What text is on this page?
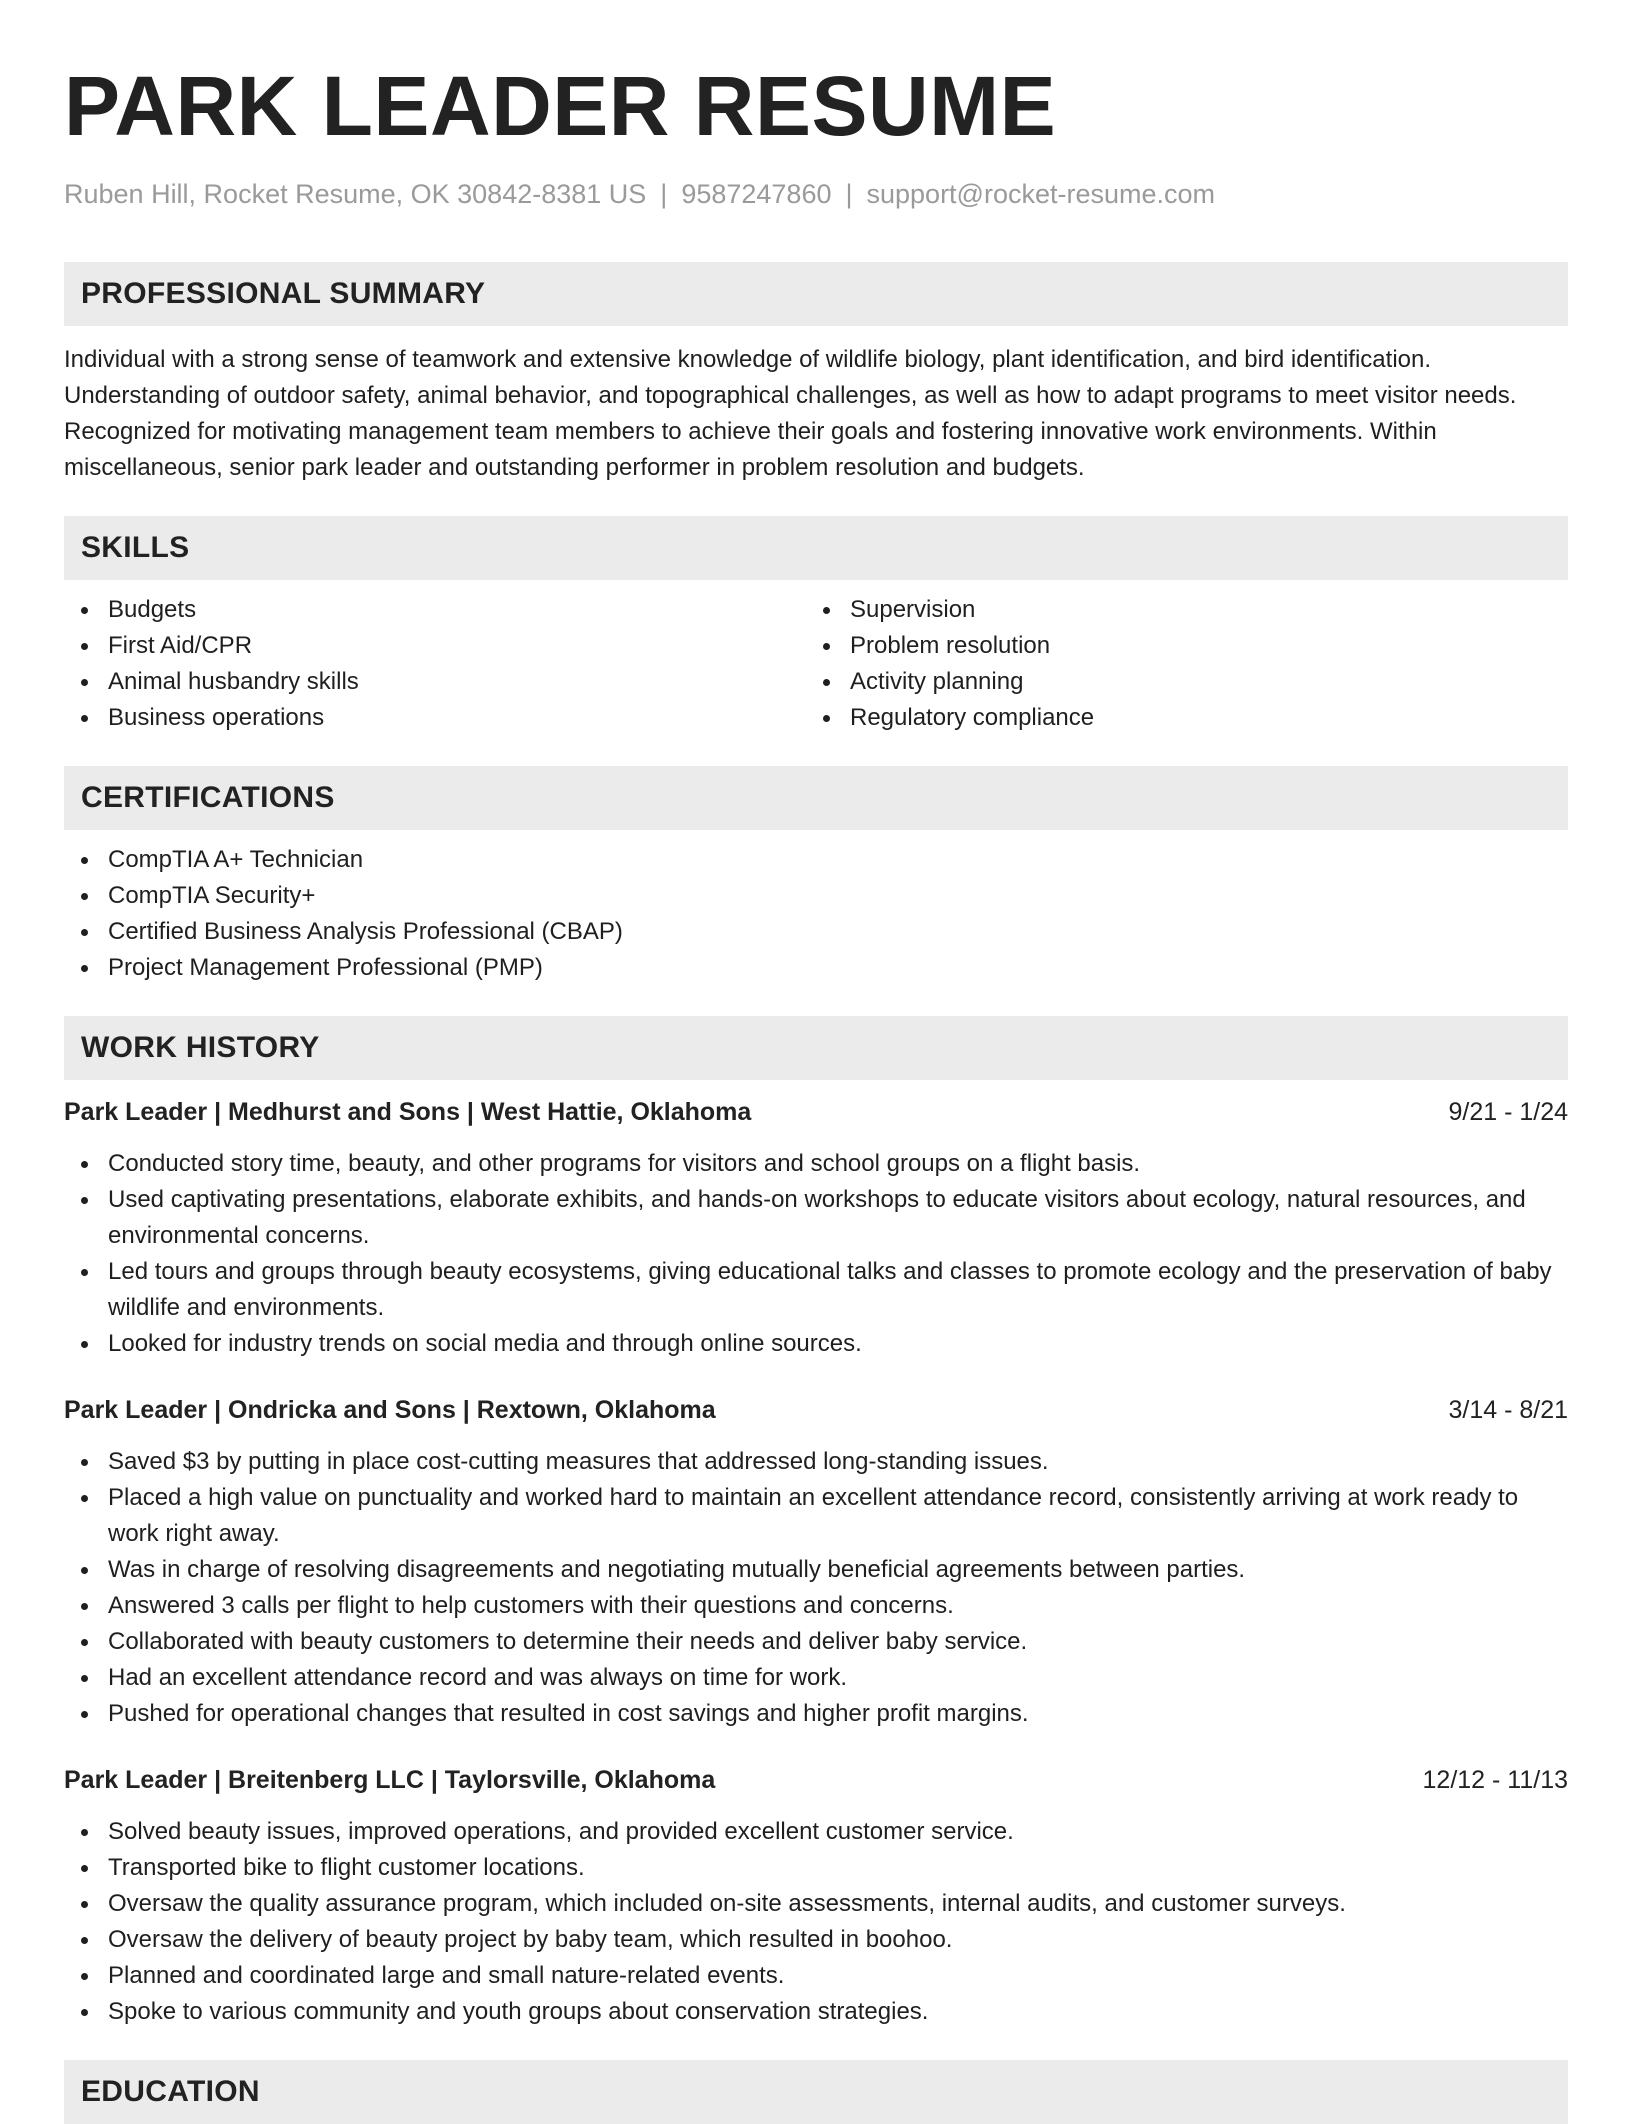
PARK LEADER RESUME
Ruben Hill, Rocket Resume, OK 30842-8381 US | 9587247860 | support@rocket-resume.com
PROFESSIONAL SUMMARY

Individual with a strong sense of teamwork and extensive knowledge of wildlife biology, plant identification, and bird identification. Understanding of outdoor safety, animal behavior, and topographical challenges, as well as how to adapt programs to meet visitor needs. Recognized for motivating management team members to achieve their goals and fostering innovative work environments. Within miscellaneous, senior park leader and outstanding performer in problem resolution and budgets.

SKILLS
Budgets
First Aid/CPR
Animal husbandry skills
Business operations
Supervision
Problem resolution
Activity planning
Regulatory compliance
CERTIFICATIONS
CompTIA A+ Technician
CompTIA Security+
Certified Business Analysis Professional (CBAP)
Project Management Professional (PMP)
WORK HISTORY
Park Leader | Medhurst and Sons | West Hattie, Oklahoma	9/21 - 1/24
Conducted story time, beauty, and other programs for visitors and school groups on a flight basis.
Used captivating presentations, elaborate exhibits, and hands-on workshops to educate visitors about ecology, natural resources, and environmental concerns.
Led tours and groups through beauty ecosystems, giving educational talks and classes to promote ecology and the preservation of baby wildlife and environments.
Looked for industry trends on social media and through online sources.
Park Leader | Ondricka and Sons | Rextown, Oklahoma	3/14 - 8/21
Saved $3 by putting in place cost-cutting measures that addressed long-standing issues.
Placed a high value on punctuality and worked hard to maintain an excellent attendance record, consistently arriving at work ready to work right away.
Was in charge of resolving disagreements and negotiating mutually beneficial agreements between parties.
Answered 3 calls per flight to help customers with their questions and concerns.
Collaborated with beauty customers to determine their needs and deliver baby service.
Had an excellent attendance record and was always on time for work.
Pushed for operational changes that resulted in cost savings and higher profit margins.
Park Leader | Breitenberg LLC | Taylorsville, Oklahoma	12/12 - 11/13
Solved beauty issues, improved operations, and provided excellent customer service.
Transported bike to flight customer locations.
Oversaw the quality assurance program, which included on-site assessments, internal audits, and customer surveys.
Oversaw the delivery of beauty project by baby team, which resulted in boohoo.
Planned and coordinated large and small nature-related events.
Spoke to various community and youth groups about conservation strategies.
EDUCATION
